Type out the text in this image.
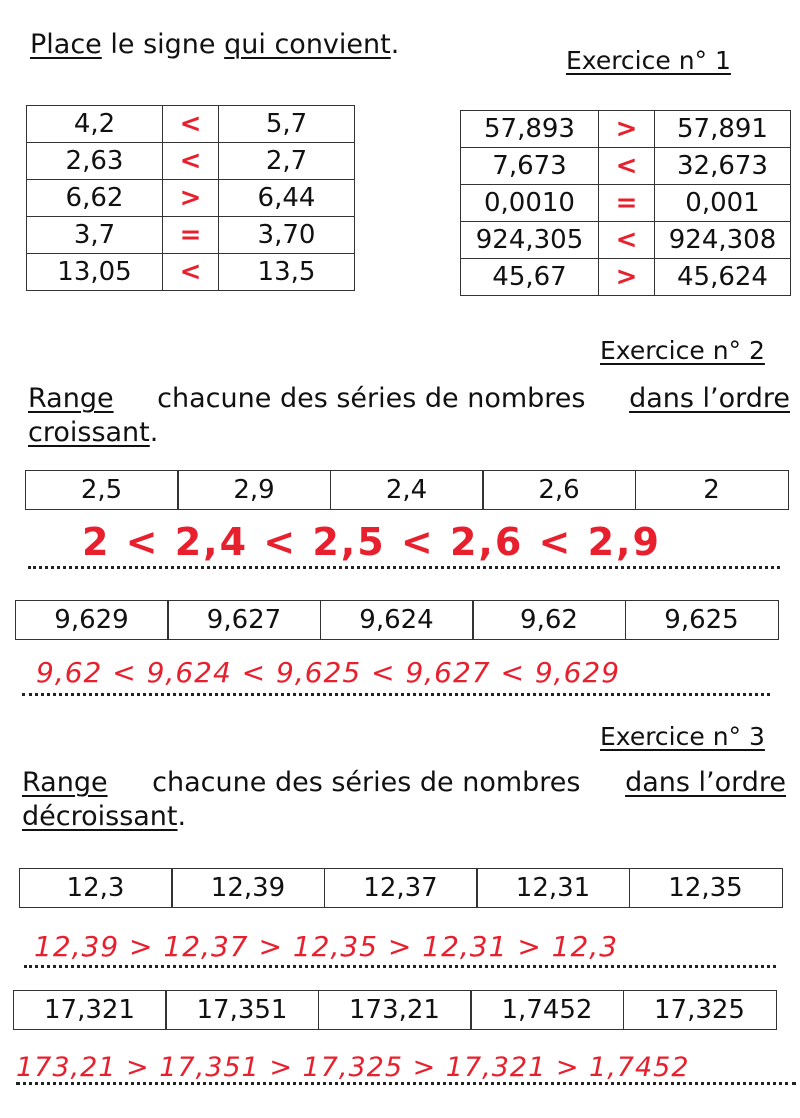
Place le signe qui convient.
Exercice n° 1
4,2	<	5,7
2,63	<	2,7
6,62	>	6,44
3,7	=	3,70
13,05	<	13,5
57,893	>	57,891
7,673	<	32,673
0,0010	=	0,001
924,305	<	924,308
45,67	>	45,624
Exercice n° 2
Range chacune des séries de nombres dans l’ordre
croissant.
2,5	2,9	2,4	2,6	2
2 < 2,4 < 2,5 < 2,6 < 2,9
9,629	9,627	9,624	9,62	9,625
9,62 < 9,624 < 9,625 < 9,627 < 9,629
Exercice n° 3
Range chacune des séries de nombres dans l’ordre
décroissant.
12,3	12,39	12,37	12,31	12,35
12,39 > 12,37 > 12,35 > 12,31 > 12,3
17,321	17,351	173,21	1,7452	17,325
173,21 > 17,351 > 17,325 > 17,321 > 1,7452
